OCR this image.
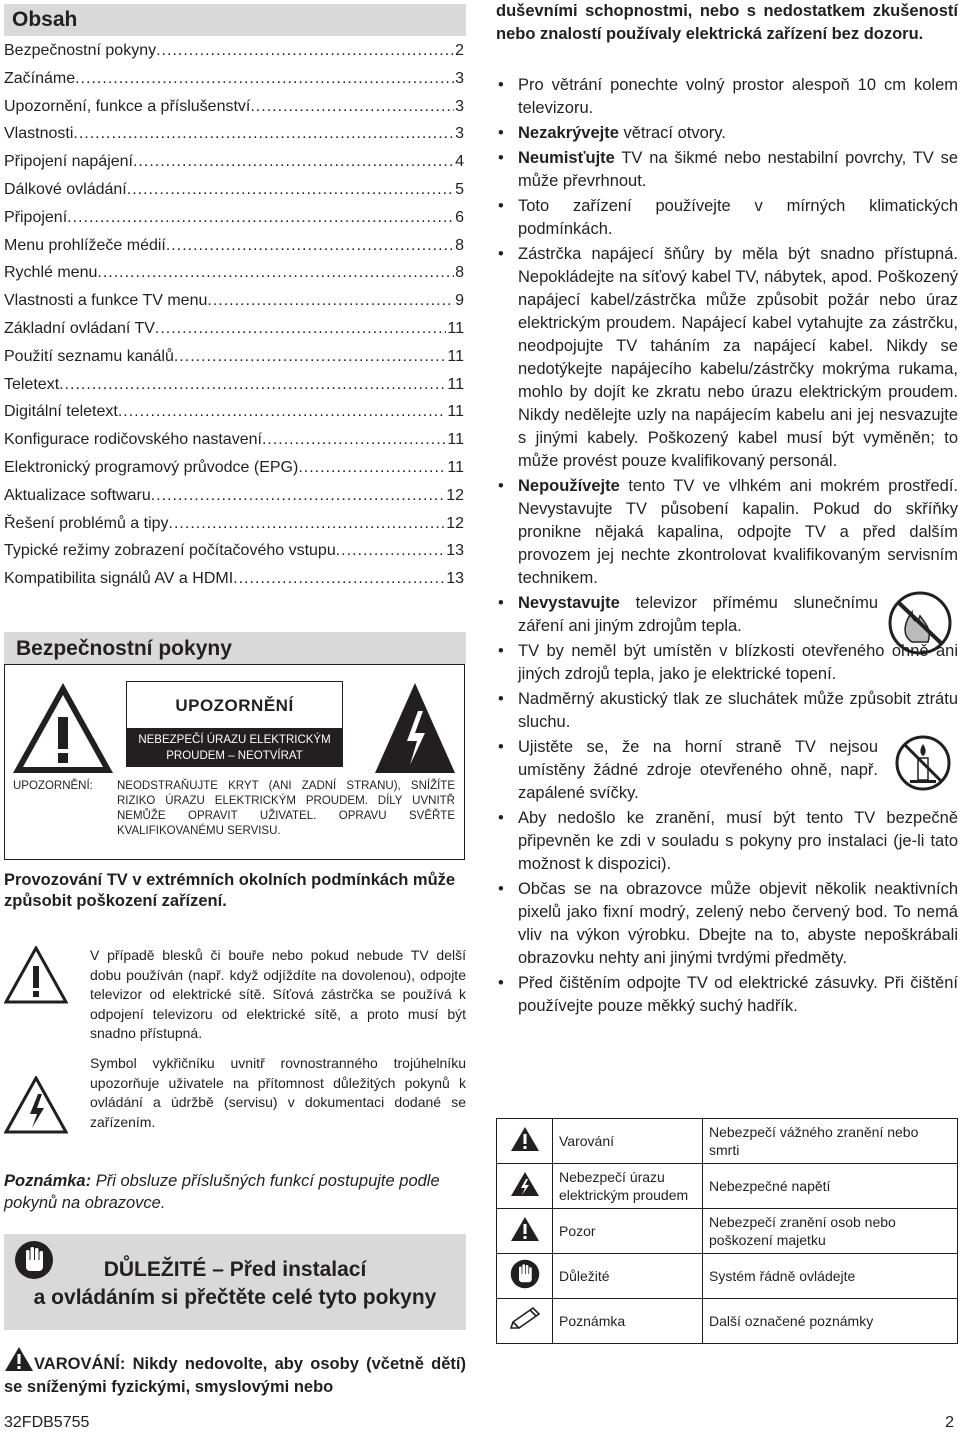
Obsah
Bezpečnostní pokyny .....	2
Začínáme .....	3
Upozornění, funkce a příslušenství .....	3
Vlastnosti .....	3
Připojení napájení .....	4
Dálkové ovládání .....	5
Připojení .....	6
Menu prohlížeče médií .....	8
Rychlé menu .....	8
Vlastnosti a funkce TV menu .....	9
Základní ovládaní TV .....	11
Použití seznamu kanálů .....	11
Teletext .....	11
Digitální teletext .....	11
Konfigurace rodičovského nastavení .....	11
Elektronický programový průvodce (EPG) .....	11
Aktualizace softwaru .....	12
Řešení problémů a tipy .....	12
Typické režimy zobrazení počítačového vstupu .....	13
Kompatibilita signálů AV a HDMI .....	13
Bezpečnostní pokyny
UPOZORNĚNÍ
NEBEZPEČÍ ÚRAZU ELEKTRICKÝM
PROUDEM – NEOTVÍRAT
UPOZORNĚNÍ:	NEODSTRAŇUJTE KRYT (ANI ZADNÍ STRANU), SNÍŽÍTE RIZIKO ÚRAZU ELEKTRICKÝM PROUDEM. DÍLY UVNITŘ NEMŮŽE OPRAVIT UŽIVATEL. OPRAVU SVĚŘTE KVALIFIKOVANÉMU SERVISU.
Provozování TV v extrémních okolních podmínkách může způsobit poškození zařízení.
V případě blesků či bouře nebo pokud nebude TV delší dobu používán (např. když odjíždíte na dovolenou), odpojte televizor od elektrické sítě. Síťová zástrčka se používá k odpojení televizoru od elektrické sítě, a proto musí být snadno přístupná.
Symbol vykřičníku uvnitř rovnostranného trojúhelníku upozorňuje uživatele na přítomnost důležitých pokynů k ovládání a údržbě (servisu) v dokumentaci dodané se zařízením.
Poznámka: Při obsluze příslušných funkcí postupujte podle pokynů na obrazovce.
DŮLEŽITÉ – Před instalací
a ovládáním si přečtěte celé tyto pokyny
VAROVÁNÍ: Nikdy nedovolte, aby osoby (včetně dětí) se sníženými fyzickými, smyslovými nebo
32FDB5755
duševními schopnostmi, nebo s nedostatkem zkušeností nebo znalostí používaly elektrická zařízení bez dozoru.
• Pro větrání ponechte volný prostor alespoň 10 cm kolem televizoru.
• Nezakrývejte větrací otvory.
• Neumisťujte TV na šikmé nebo nestabilní povrchy, TV se může převrhnout.
• Toto zařízení používejte v mírných klimatických podmínkách.
• Zástrčka napájecí šňůry by měla být snadno přístupná. Nepokládejte na síťový kabel TV, nábytek, apod. Poškozený napájecí kabel/zástrčka může způsobit požár nebo úraz elektrickým proudem. Napájecí kabel vytahujte za zástrčku, neodpojujte TV taháním za napájecí kabel. Nikdy se nedotýkejte napájecího kabelu/zástrčky mokrýma rukama, mohlo by dojít ke zkratu nebo úrazu elektrickým proudem. Nikdy nedělejte uzly na napájecím kabelu ani jej nesvazujte s jinými kabely. Poškozený kabel musí být vyměněn; to může provést pouze kvalifikovaný personál.
• Nepoužívejte tento TV ve vlhkém ani mokrém prostředí. Nevystavujte TV působení kapalin. Pokud do skříňky pronikne nějaká kapalina, odpojte TV a před dalším provozem jej nechte zkontrolovat kvalifikovaným servisním technikem.
• Nevystavujte televizor přímému slunečnímu záření ani jiným zdrojům tepla.
• TV by neměl být umístěn v blízkosti otevřeného ohně ani jiných zdrojů tepla, jako je elektrické topení.
• Nadměrný akustický tlak ze sluchátek může způsobit ztrátu sluchu.
• Ujistěte se, že na horní straně TV nejsou umístěny žádné zdroje otevřeného ohně, např. zapálené svíčky.
• Aby nedošlo ke zranění, musí být tento TV bezpečně připevněn ke zdi v souladu s pokyny pro instalaci (je-li tato možnost k dispozici).
• Občas se na obrazovce může objevit několik neaktivních pixelů jako fixní modrý, zelený nebo červený bod. To nemá vliv na výkon výrobku. Dbejte na to, abyste nepoškrábali obrazovku nehty ani jinými tvrdými předměty.
• Před čištěním odpojte TV od elektrické zásuvky. Při čištění používejte pouze měkký suchý hadřík.
	Varování	Nebezpečí vážného zranění nebo smrti
	Nebezpečí úrazu elektrickým proudem	Nebezpečné napětí
	Pozor	Nebezpečí zranění osob nebo poškození majetku
	Důležité	Systém řádně ovládejte
	Poznámka	Další označené poznámky
2
